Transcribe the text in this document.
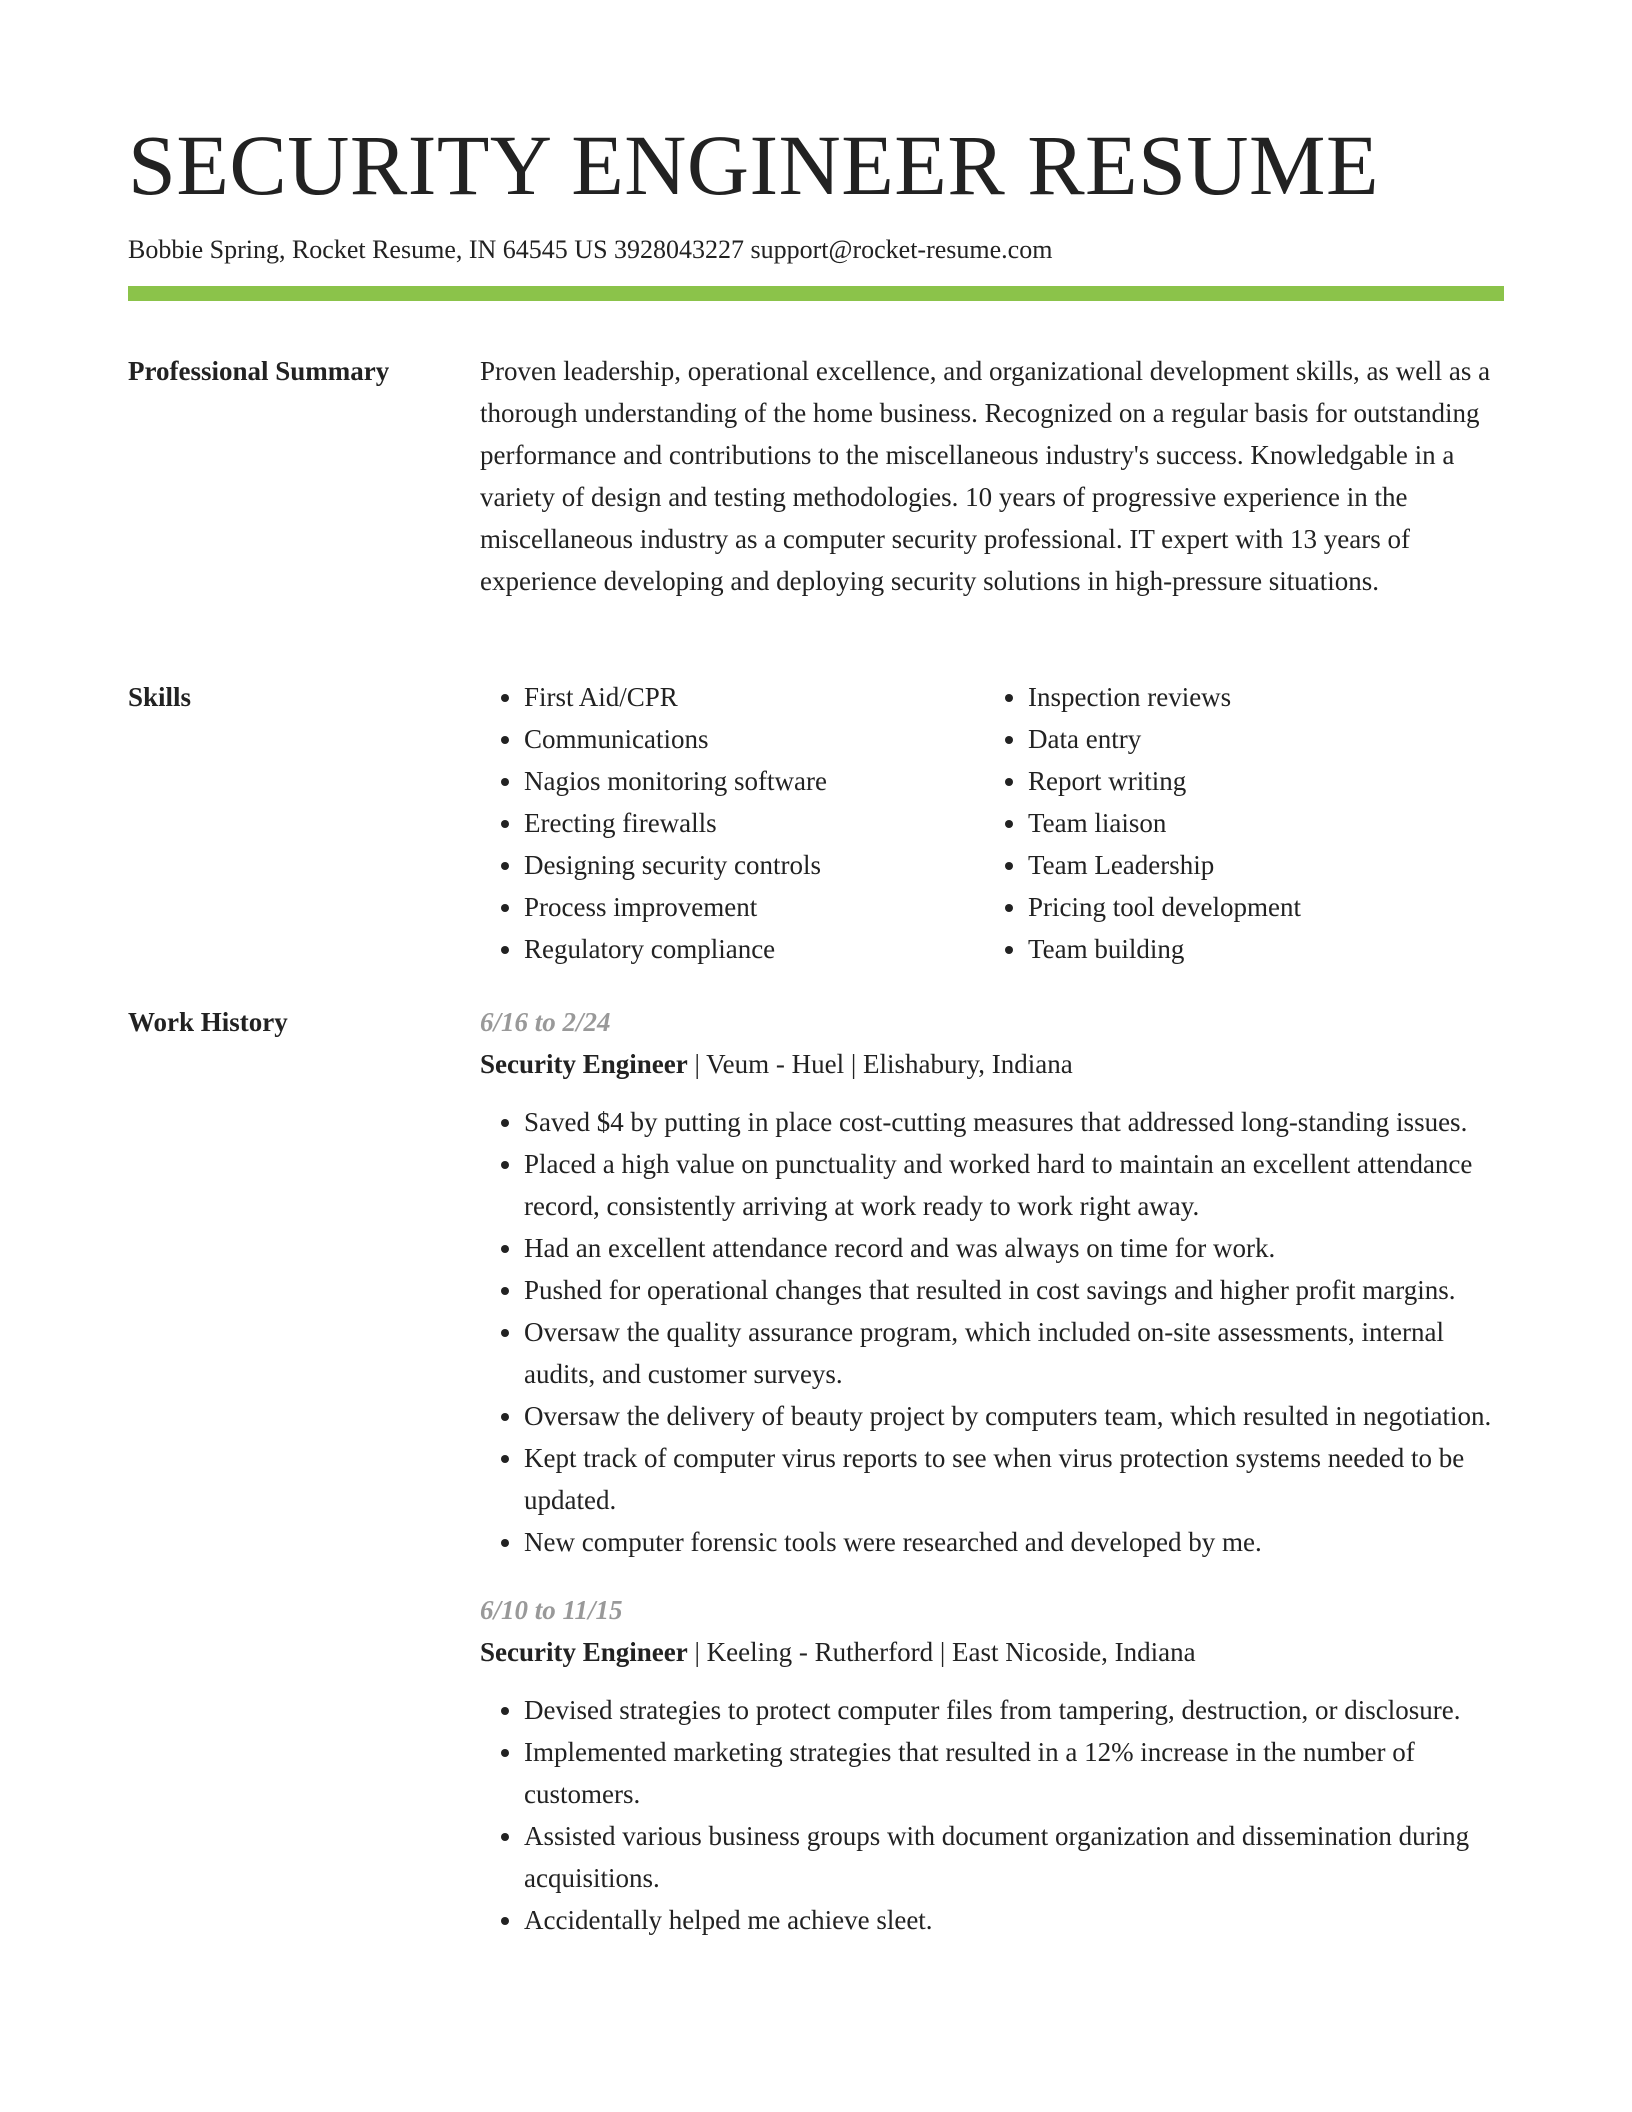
SECURITY ENGINEER RESUME
Bobbie Spring, Rocket Resume, IN 64545 US 3928043227 support@rocket-resume.com
Professional Summary	Proven leadership, operational excellence, and organizational development skills, as well as a thorough understanding of the home business. Recognized on a regular basis for outstanding performance and contributions to the miscellaneous industry's success. Knowledgable in a variety of design and testing methodologies. 10 years of progressive experience in the miscellaneous industry as a computer security professional. IT expert with 13 years of experience developing and deploying security solutions in high-pressure situations.

Skills
•	First Aid/CPR
• Communications
• Nagios monitoring software
• Erecting firewalls
• Designing security controls
• Process improvement
• Regulatory compliance
• Inspection reviews
• Data entry
• Report writing
• Team liaison
• Team Leadership
• Pricing tool development
• Team building
Work History	6/16 to 2/24
Security Engineer | Veum - Huel | Elishabury, Indiana
• Saved $4 by putting in place cost-cutting measures that addressed long-standing issues.
• Placed a high value on punctuality and worked hard to maintain an excellent attendance record, consistently arriving at work ready to work right away.
• Had an excellent attendance record and was always on time for work.
• Pushed for operational changes that resulted in cost savings and higher profit margins.
• Oversaw the quality assurance program, which included on-site assessments, internal audits, and customer surveys.
• Oversaw the delivery of beauty project by computers team, which resulted in negotiation.
• Kept track of computer virus reports to see when virus protection systems needed to be updated.
• New computer forensic tools were researched and developed by me.
6/10 to 11/15
Security Engineer | Keeling - Rutherford | East Nicoside, Indiana
• Devised strategies to protect computer files from tampering, destruction, or disclosure.
• Implemented marketing strategies that resulted in a 12% increase in the number of customers.
• Assisted various business groups with document organization and dissemination during acquisitions.
• Accidentally helped me achieve sleet.
